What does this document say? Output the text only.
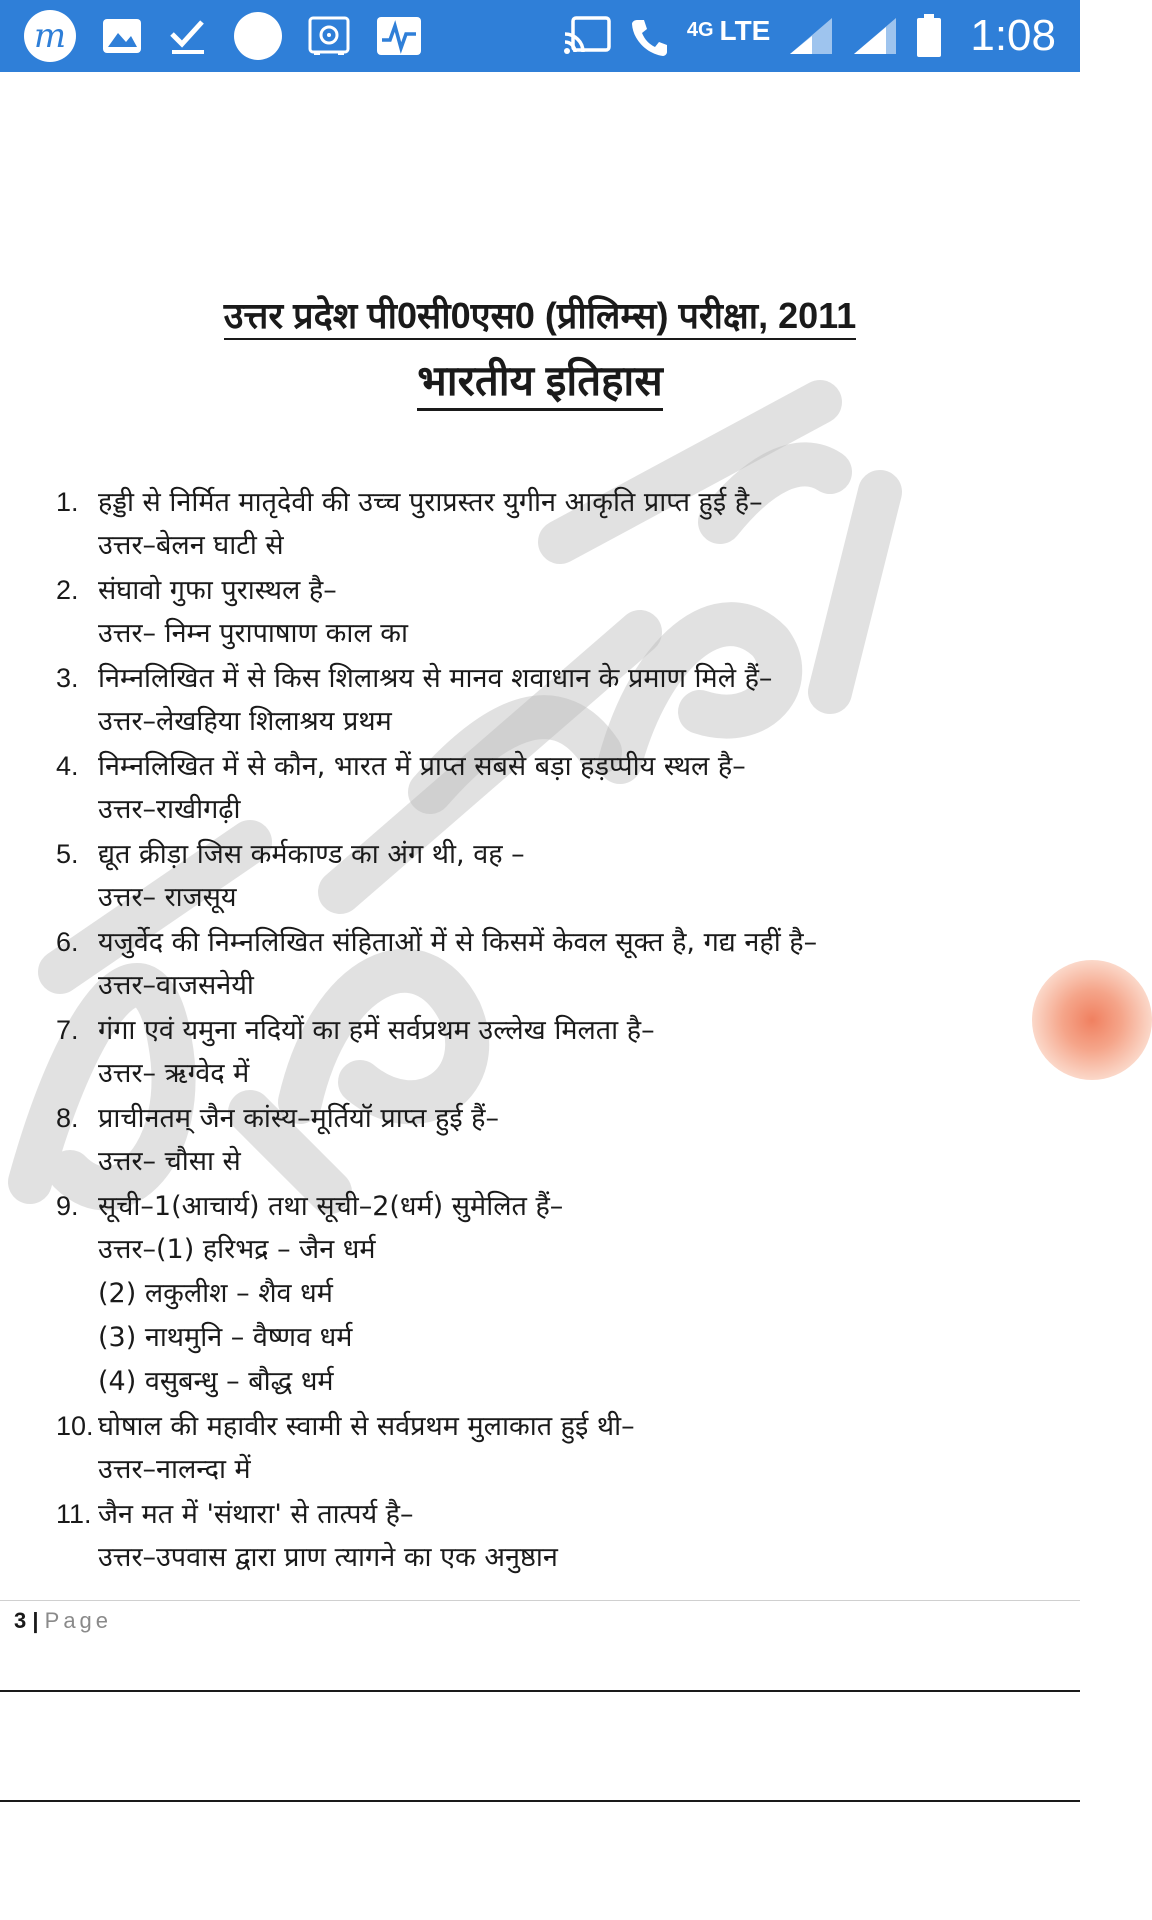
m	4G LTE	1:08
उत्तर प्रदेश पी0सी0एस0 (प्रीलिम्स) परीक्षा, 2011
भारतीय इतिहास
1. हड्डी से निर्मित मातृदेवी की उच्च पुराप्रस्तर युगीन आकृति प्राप्त हुई है–
उत्तर–बेलन घाटी से
2. संघावो गुफा पुरास्थल है–
उत्तर– निम्न पुरापाषाण काल का
3. निम्नलिखित में से किस शिलाश्रय से मानव शवाधान के प्रमाण मिले हैं–
उत्तर–लेखहिया शिलाश्रय प्रथम
4. निम्नलिखित में से कौन, भारत में प्राप्त सबसे बड़ा हड़प्पीय स्थल है–
उत्तर–राखीगढ़ी
5. द्यूत क्रीड़ा जिस कर्मकाण्ड का अंग थी, वह –
उत्तर– राजसूय
6. यजुर्वेद की निम्नलिखित संहिताओं में से किसमें केवल सूक्त है, गद्य नहीं है–
उत्तर–वाजसनेयी
7. गंगा एवं यमुना नदियों का हमें सर्वप्रथम उल्लेख मिलता है–
उत्तर– ऋग्वेद में
8. प्राचीनतम् जैन कांस्य–मूर्तियॉ प्राप्त हुई हैं–
उत्तर– चौसा से
9. सूची–1(आचार्य) तथा सूची–2(धर्म) सुमेलित हैं–
उत्तर–(1) हरिभद्र – जैन धर्म
(2) लकुलीश – शैव धर्म
(3) नाथमुनि – वैष्णव धर्म
(4) वसुबन्धु – बौद्ध धर्म
10. घोषाल की महावीर स्वामी से सर्वप्रथम मुलाकात हुई थी–
उत्तर–नालन्दा में
11. जैन मत में 'संथारा' से तात्पर्य है–
उत्तर–उपवास द्वारा प्राण त्यागने का एक अनुष्ठान
3 | Page
